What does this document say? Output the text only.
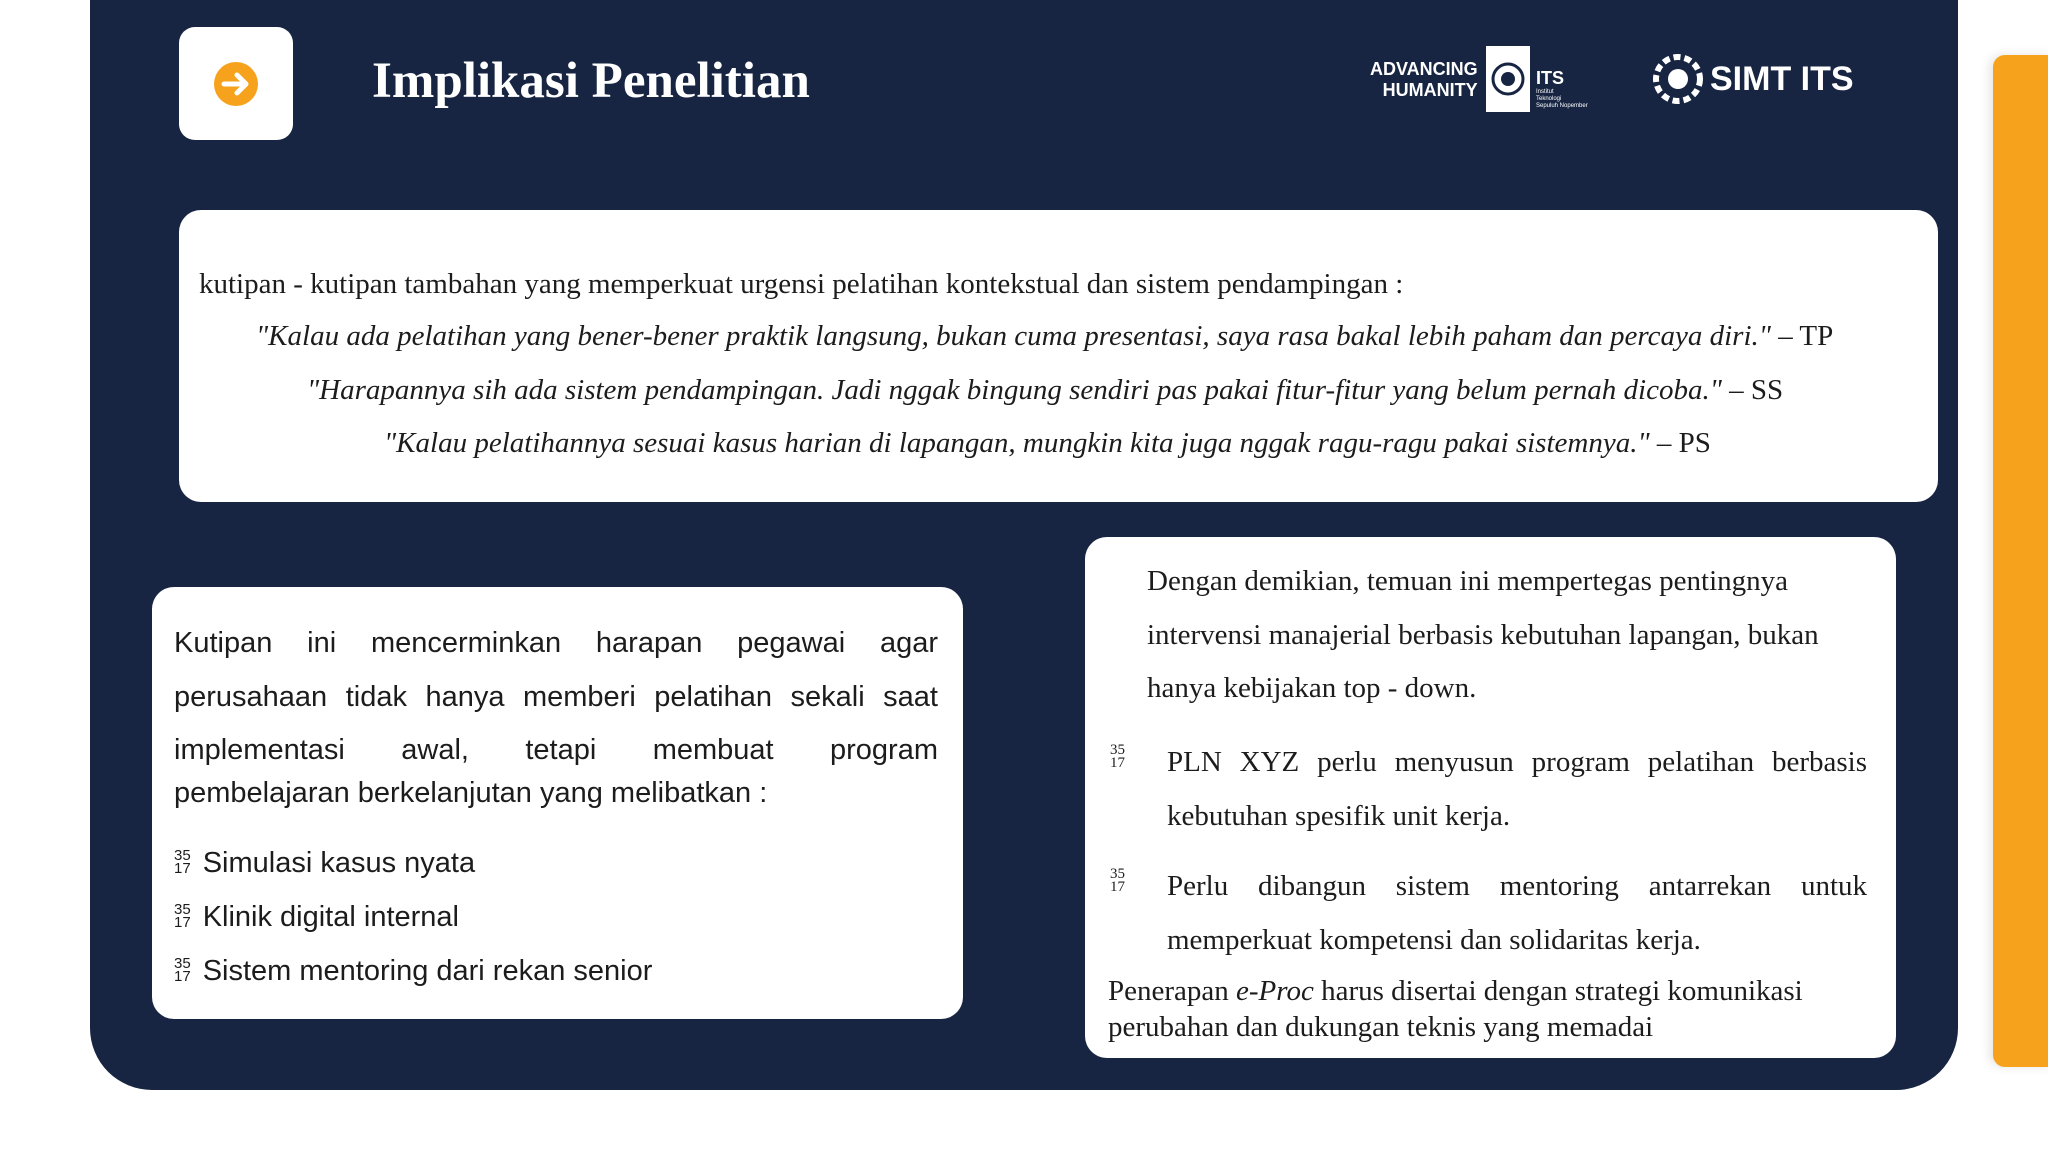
Implikasi Penelitian	ADVANCING
HUMANITY
ITS
Institut
Teknologi
Sepuluh Nopember
SIMT ITS
kutipan - kutipan tambahan yang memperkuat urgensi pelatihan kontekstual dan sistem pendampingan :
"Kalau ada pelatihan yang bener-bener praktik langsung, bukan cuma presentasi, saya rasa bakal lebih paham dan percaya diri." – TP
"Harapannya sih ada sistem pendampingan. Jadi nggak bingung sendiri pas pakai fitur-fitur yang belum pernah dicoba." – SS
"Kalau pelatihannya sesuai kasus harian di lapangan, mungkin kita juga nggak ragu-ragu pakai sistemnya." – PS
Kutipan ini mencerminkan harapan pegawai agar perusahaan tidak hanya memberi pelatihan sekali saat implementasi awal, tetapi membuat program
pembelajaran berkelanjutan yang melibatkan :
35
17 Simulasi kasus nyata
35
17 Klinik digital internal
35
17 Sistem mentoring dari rekan senior
Dengan demikian, temuan ini mempertegas pentingnya intervensi manajerial berbasis kebutuhan lapangan, bukan hanya kebijakan top - down.
35
17 PLN XYZ perlu menyusun program pelatihan berbasis
kebutuhan spesifik unit kerja.
35
17 Perlu dibangun sistem mentoring antarrekan untuk
memperkuat kompetensi dan solidaritas kerja.
Penerapan e-Proc harus disertai dengan strategi komunikasi perubahan dan dukungan teknis yang memadai
